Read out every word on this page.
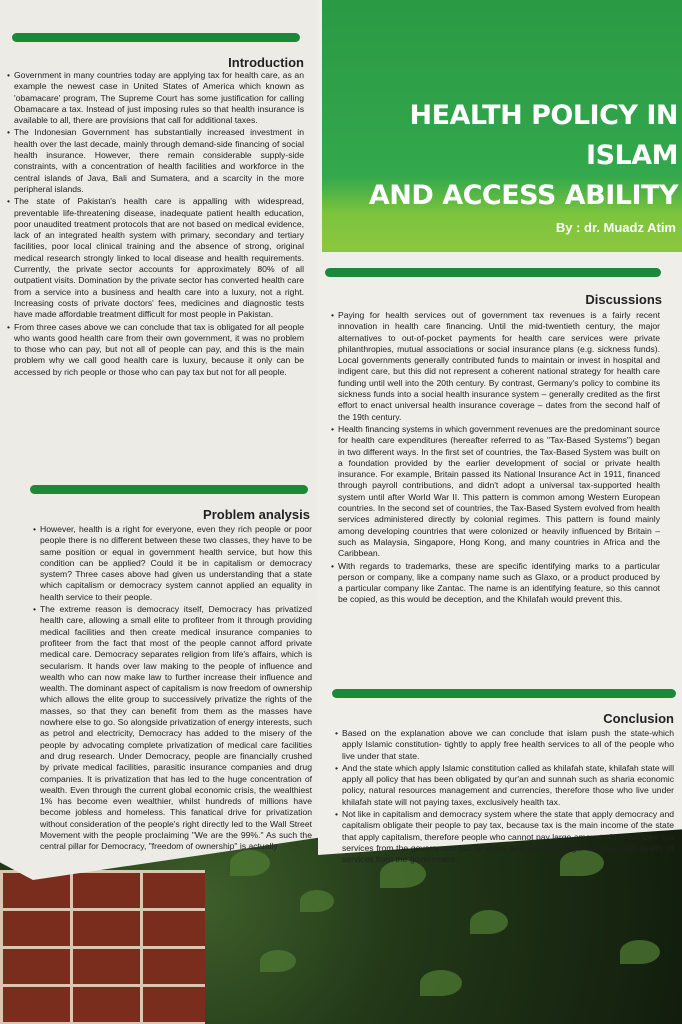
Introduction

• Government in many countries today are applying tax for health care, as an example the newest case in United States of America which known as 'obamacare' program, The Supreme Court has some justification for calling Obamacare a tax. Instead of just imposing rules so that health insurance is available to all, there are provisions that call for additional taxes.

• The Indonesian Government has substantially increased investment in health over the last decade, mainly through demand-side financing of social health insurance. However, there remain considerable supply-side constraints, with a concentration of health facilities and workforce in the central islands of Java, Bali and Sumatera, and a scarcity in the more peripheral islands.

• The state of Pakistan's health care is appalling with widespread, preventable life-threatening disease, inadequate patient health education, poor unaudited treatment protocols that are not based on medical evidence, lack of an integrated health system with primary, secondary and tertiary facilities, poor local clinical training and the absence of strong, original medical research strongly linked to local disease and health requirements. Currently, the private sector accounts for approximately 80% of all outpatient visits. Domination by the private sector has converted health care from a service into a business and health care into a luxury, not a right. Increasing costs of private doctors' fees, medicines and diagnostic tests have made affordable treatment difficult for most people in Pakistan.

• From three cases above we can conclude that tax is obligated for all people who wants good health care from their own government, it was no problem to those who can pay, but not all of people can pay, and this is the main problem why we call good health care is luxury, because it only can be accessed by rich people or those who can pay tax but not for all people.

Problem analysis

• However, health is a right for everyone, even they rich people or poor people there is no different between these two classes, they have to be same position or equal in government health service, but how this condition can be applied? Could it be in capitalism or democracy system? Three cases above had given us understanding that a state which capitalism or democracy system cannot applied an equality in health service to their people.

• The extreme reason is democracy itself, Democracy has privatized health care, allowing a small elite to profiteer from it through providing medical facilities and then create medical insurance companies to profiteer from the fact that most of the people cannot afford private medical care. Democracy separates religion from life's affairs, which is secularism. It hands over law making to the people of influence and wealth who can now make law to further increase their influence and wealth. The dominant aspect of capitalism is now freedom of ownership which allows the elite group to successively privatize the rights of the masses, so that they can benefit from them as the masses have nowhere else to go. So alongside privatization of energy interests, such as petrol and electricity, Democracy has added to the misery of the people by advocating complete privatization of medical care facilities and drug research. Under Democracy, people are financially crushed by private medical facilities, parasitic insurance companies and drug companies. It is privatization that has led to the huge concentration of wealth. Even through the current global economic crisis, the wealthiest 1% has become even wealthier, whilst hundreds of millions have become jobless and homeless. This fanatical drive for privatization without consideration of the people's right directly led to the Wall Street Movement with the people proclaiming "We are the 99%." As such the central pillar for Democracy, "freedom of ownership" is actually

HEALTH POLICY IN ISLAM
AND ACCESS ABILITY
By : dr. Muadz Atim
Discussions

• Paying for health services out of government tax revenues is a fairly recent innovation in health care financing. Until the mid-twentieth century, the major alternatives to out-of-pocket payments for health care services were private philanthropies, mutual associations or social insurance plans (e.g. sickness funds). Local governments generally contributed funds to maintain or invest in hospital and indigent care, but this did not represent a coherent national strategy for health care funding until well into the 20th century. By contrast, Germany's policy to combine its sickness funds into a social health insurance system – generally credited as the first effort to enact universal health insurance coverage – dates from the second half of the 19th century.

• Health financing systems in which government revenues are the predominant source for health care expenditures (hereafter referred to as "Tax-Based Systems") began in two different ways. In the first set of countries, the Tax-Based System was built on a foundation provided by the earlier development of social or private health insurance. For example, Britain passed its National Insurance Act in 1911, financed through payroll contributions, and didn't adopt a universal tax-supported health system until after World War II. This pattern is common among Western European countries. In the second set of countries, the Tax-Based System evolved from health services administered directly by colonial regimes. This pattern is found mainly among developing countries that were colonized or heavily influenced by Britain – such as Malaysia, Singapore, Hong Kong, and many countries in Africa and the Caribbean.

• With regards to trademarks, these are specific identifying marks to a particular person or company, like a company name such as Glaxo, or a product produced by a particular company like Zantac. The name is an identifying feature, so this cannot be copied, as this would be deception, and the Khilafah would prevent this.

Conclusion

• Based on the explanation above we can conclude that islam push the state-which apply Islamic constitution- tightly to apply free health services to all of the people who live under that state.

• And the state which apply Islamic constitution called as khilafah state, khilafah state will apply all policy that has been obligated by qur'an and sunnah such as sharia economic policy, natural resources management and currencies, therefore those who live under khilafah state will not paying taxes, exclusively health tax.

• Not like in capitalism and democracy system where the state that apply democracy and capitalism obligate their people to pay tax, because tax is the main income of the state that apply capitalism, therefore people who cannot pay large amount of tax will take low services from the government but for those who can pay larger will take high quality of services from the government.
